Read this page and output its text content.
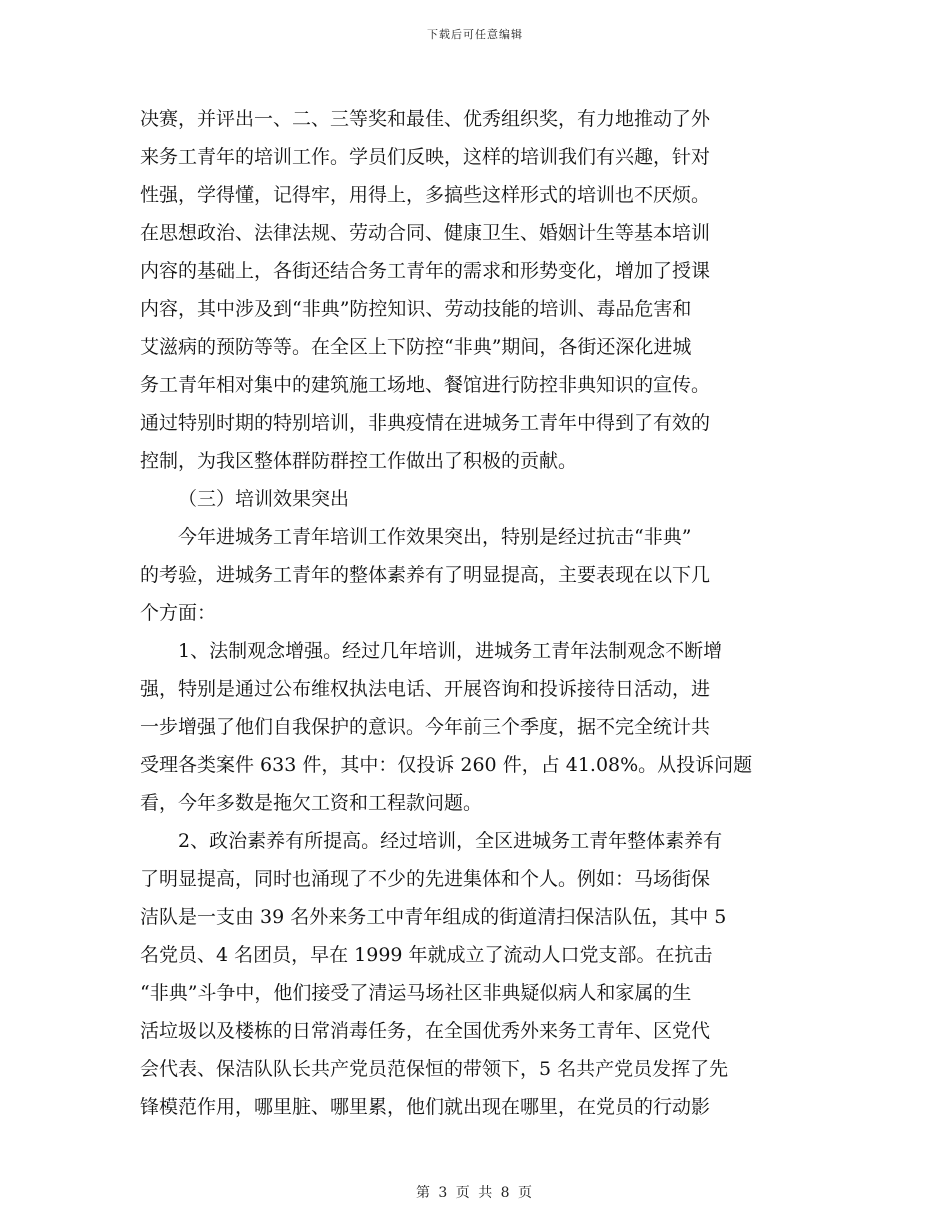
下载后可任意编辑
决赛，并评出一、二、三等奖和最佳、优秀组织奖，有力地推动了外
来务工青年的培训工作。学员们反映，这样的培训我们有兴趣，针对
性强，学得懂，记得牢，用得上，多搞些这样形式的培训也不厌烦。
在思想政治、法律法规、劳动合同、健康卫生、婚姻计生等基本培训
内容的基础上，各街还结合务工青年的需求和形势变化，增加了授课
内容，其中涉及到“非典”防控知识、劳动技能的培训、毒品危害和
艾滋病的预防等等。在全区上下防控“非典”期间，各街还深化进城
务工青年相对集中的建筑施工场地、餐馆进行防控非典知识的宣传。
通过特别时期的特别培训，非典疫情在进城务工青年中得到了有效的
控制，为我区整体群防群控工作做出了积极的贡献。
（三）培训效果突出
今年进城务工青年培训工作效果突出，特别是经过抗击“非典”
的考验，进城务工青年的整体素养有了明显提高，主要表现在以下几
个方面：
1、法制观念增强。经过几年培训，进城务工青年法制观念不断增
强，特别是通过公布维权执法电话、开展咨询和投诉接待日活动，进
一步增强了他们自我保护的意识。今年前三个季度，据不完全统计共
受理各类案件 633 件，其中：仅投诉 260 件，占 41.08%。从投诉问题
看，今年多数是拖欠工资和工程款问题。
2、政治素养有所提高。经过培训，全区进城务工青年整体素养有
了明显提高，同时也涌现了不少的先进集体和个人。例如：马场街保
洁队是一支由 39 名外来务工中青年组成的街道清扫保洁队伍，其中 5
名党员、4 名团员，早在 1999 年就成立了流动人口党支部。在抗击
“非典”斗争中，他们接受了清运马场社区非典疑似病人和家属的生
活垃圾以及楼栋的日常消毒任务，在全国优秀外来务工青年、区党代
会代表、保洁队队长共产党员范保恒的带领下，5 名共产党员发挥了先
锋模范作用，哪里脏、哪里累，他们就出现在哪里，在党员的行动影
第 3 页 共 8 页
